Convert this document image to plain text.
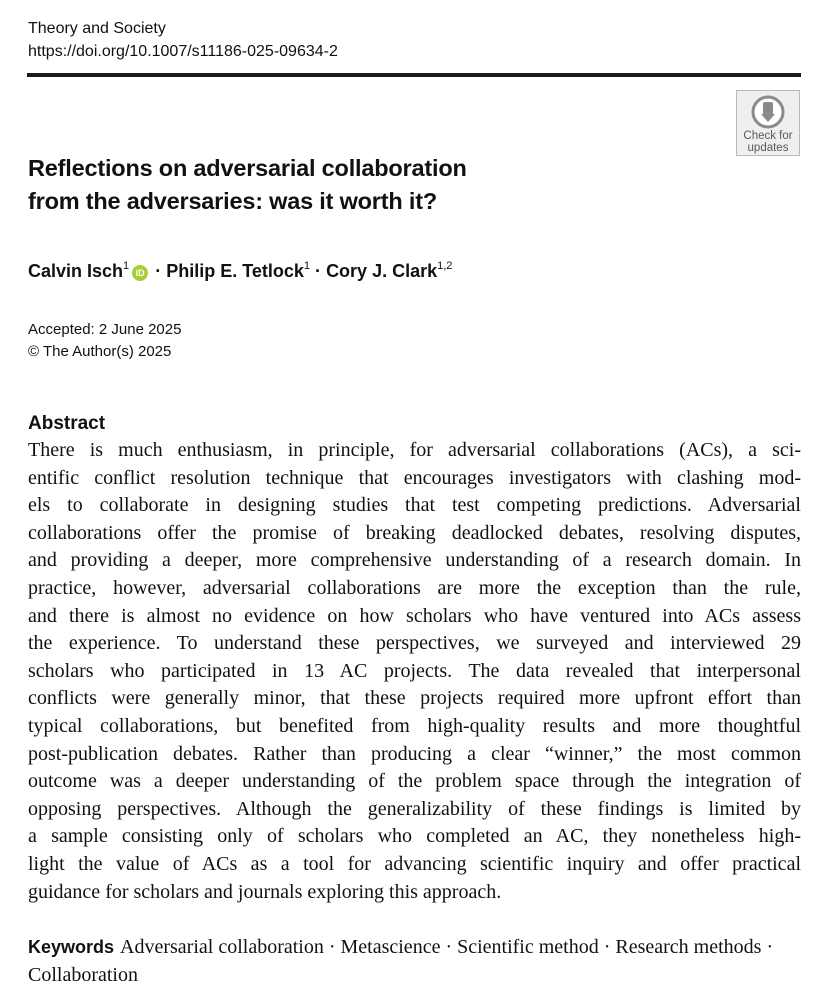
Theory and Society
https://doi.org/10.1007/s11186-025-09634-2
Check for
updates
Reflections on adversarial collaboration
from the adversaries: was it worth it?
Calvin Isch$^1$iD · Philip E. Tetlock$^1$ · Cory J. Clark$^{1,2}$
Accepted: 2 June 2025
© The Author(s) 2025
Abstract
There is much enthusiasm, in principle, for adversarial collaborations (ACs), a sci-
entific conflict resolution technique that encourages investigators with clashing mod-
els to collaborate in designing studies that test competing predictions. Adversarial
collaborations offer the promise of breaking deadlocked debates, resolving disputes,
and providing a deeper, more comprehensive understanding of a research domain. In
practice, however, adversarial collaborations are more the exception than the rule,
and there is almost no evidence on how scholars who have ventured into ACs assess
the experience. To understand these perspectives, we surveyed and interviewed 29
scholars who participated in 13 AC projects. The data revealed that interpersonal
conflicts were generally minor, that these projects required more upfront effort than
typical collaborations, but benefited from high-quality results and more thoughtful
post-publication debates. Rather than producing a clear “winner,” the most common
outcome was a deeper understanding of the problem space through the integration of
opposing perspectives. Although the generalizability of these findings is limited by
a sample consisting only of scholars who completed an AC, they nonetheless high-
light the value of ACs as a tool for advancing scientific inquiry and offer practical
guidance for scholars and journals exploring this approach.
Keywords Adversarial collaboration · Metascience · Scientific method · Research methods · Collaboration
